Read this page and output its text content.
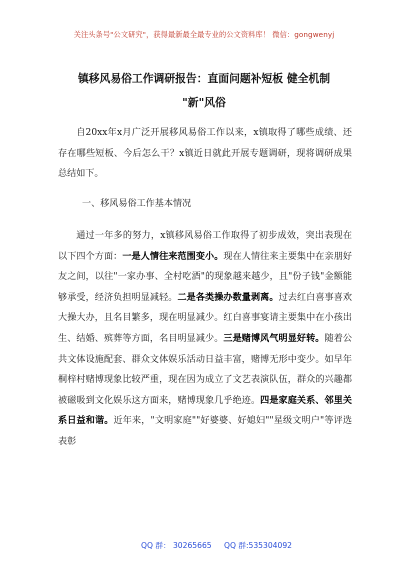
关注头条号"公文研究"，获得最新最全最专业的公文资料库！ 微信：gongwenyj
镇移风易俗工作调研报告：直面问题补短板 健全机制
"新"风俗

自20xx年x月广泛开展移风易俗工作以来，x镇取得了哪些成绩、还存在哪些短板、今后怎么干？x镇近日就此开展专题调研，现将调研成果总结如下。

一、移风易俗工作基本情况

通过一年多的努力，x镇移风易俗工作取得了初步成效，突出表现在以下四个方面：一是人情往来范围变小。现在人情往来主要集中在亲朋好友之间，以往"一家办事、全村吃酒"的现象越来越少，且"份子钱"金额能够承受，经济负担明显减轻。二是各类操办数量剥离。过去红白喜事喜欢大操大办，且名目繁多，现在明显减少。红白喜事宴请主要集中在小孩出生、结婚、殡葬等方面，名目明显减少。三是赌博风气明显好转。随着公共文体设施配套、群众文体娱乐活动日益丰富，赌博无形中变少。如早年桐梓村赌博现象比较严重，现在因为成立了文艺表演队伍，群众的兴趣都被磁吸到文化娱乐这方面来，赌博现象几乎绝迹。四是家庭关系、邻里关系日益和谐。近年来，"文明家庭""好婆婆、好媳妇""星级文明户"等评选表彰

QQ 群： 30265665 QQ 群:535304092
